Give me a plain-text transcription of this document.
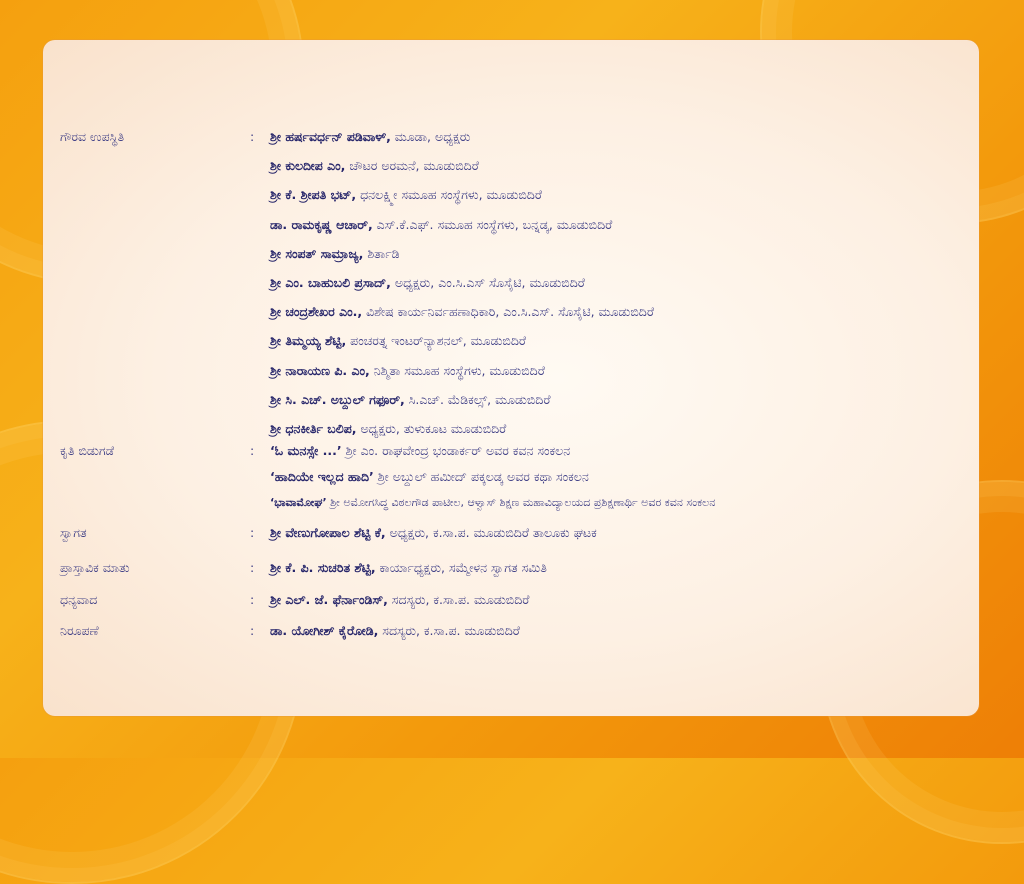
ಗೌರವ ಉಪಸ್ಥಿತಿ	: ಶ್ರೀ ಹರ್ಷವರ್ಧನ್ ಪಡಿವಾಳ್, ಮೂಡಾ, ಅಧ್ಯಕ್ಷರು
ಶ್ರೀ ಕುಲದೀಪ ಎಂ, ಚೌಟರ ಅರಮನೆ, ಮೂಡುಬಿದಿರೆ
ಶ್ರೀ ಕೆ. ಶ್ರೀಪತಿ ಭಟ್, ಧನಲಕ್ಷ್ಮೀ ಸಮೂಹ ಸಂಸ್ಥೆಗಳು, ಮೂಡುಬಿದಿರೆ
ಡಾ. ರಾಮಕೃಷ್ಣ ಆಚಾರ್, ಎಸ್.ಕೆ.ಎಫ್. ಸಮೂಹ ಸಂಸ್ಥೆಗಳು, ಬನ್ನಡ್ಕ, ಮೂಡುಬಿದಿರೆ
ಶ್ರೀ ಸಂಪತ್ ಸಾಮ್ರಾಜ್ಯ, ಶಿರ್ತಾಡಿ
ಶ್ರೀ ಎಂ. ಬಾಹುಬಲಿ ಪ್ರಸಾದ್, ಅಧ್ಯಕ್ಷರು, ಎಂ.ಸಿ.ಎಸ್ ಸೊಸೈಟಿ, ಮೂಡುಬಿದಿರೆ
ಶ್ರೀ ಚಂದ್ರಶೇಖರ ಎಂ., ವಿಶೇಷ ಕಾರ್ಯನಿರ್ವಹಣಾಧಿಕಾರಿ, ಎಂ.ಸಿ.ಎಸ್. ಸೊಸೈಟಿ, ಮೂಡುಬಿದಿರೆ
ಶ್ರೀ ತಿಮ್ಮಯ್ಯ ಶೆಟ್ಟಿ, ಪಂಚರತ್ನ ಇಂಟರ್‌ನ್ಯಾಶನಲ್, ಮೂಡುಬಿದಿರೆ
ಶ್ರೀ ನಾರಾಯಣ ಪಿ. ಎಂ, ನಿಶ್ಮಿತಾ ಸಮೂಹ ಸಂಸ್ಥೆಗಳು, ಮೂಡುಬಿದಿರೆ
ಶ್ರೀ ಸಿ. ಎಚ್. ಅಬ್ದುಲ್ ಗಫೂರ್, ಸಿ.ಎಚ್. ಮೆಡಿಕಲ್ಸ್, ಮೂಡುಬಿದಿರೆ
ಶ್ರೀ ಧನಕೀರ್ತಿ ಬಲಿಪ, ಅಧ್ಯಕ್ಷರು, ತುಳುಕೂಟ ಮೂಡುಬಿದಿರೆ
ಕೃತಿ ಬಿಡುಗಡೆ	: ‘ಓ ಮನಸ್ಸೇ ...’ ಶ್ರೀ ಎಂ. ರಾಘವೇಂದ್ರ ಭಂಡಾರ್ಕರ್ ಅವರ ಕವನ ಸಂಕಲನ
‘ಹಾದಿಯೇ ಇಲ್ಲದ ಹಾದಿ’ ಶ್ರೀ ಅಬ್ದುಲ್ ಹಮೀದ್ ಪಕ್ಕಲಡ್ಕ ಅವರ ಕಥಾ ಸಂಕಲನ
‘ಭಾವಾಮೋಘ’ ಶ್ರೀ ಅಮೋಗಸಿದ್ಧ ವಿಠಲಗೌಡ ಪಾಟೀಲ, ಆಳ್ವಾಸ್ ಶಿಕ್ಷಣ ಮಹಾವಿದ್ಯಾಲಯದ ಪ್ರಶಿಕ್ಷಣಾರ್ಥಿ ಅವರ ಕವನ ಸಂಕಲನ
ಸ್ವಾಗತ	: ಶ್ರೀ ವೇಣುಗೋಪಾಲ ಶೆಟ್ಟಿ ಕೆ, ಅಧ್ಯಕ್ಷರು, ಕ.ಸಾ.ಪ. ಮೂಡುಬಿದಿರೆ ತಾಲೂಕು ಘಟಕ
ಪ್ರಾಸ್ತಾವಿಕ ಮಾತು	: ಶ್ರೀ ಕೆ. ಪಿ. ಸುಚರಿತ ಶೆಟ್ಟಿ, ಕಾರ್ಯಾಧ್ಯಕ್ಷರು, ಸಮ್ಮೇಳನ ಸ್ವಾಗತ ಸಮಿತಿ
ಧನ್ಯವಾದ	: ಶ್ರೀ ಎಲ್. ಜೆ. ಫೆರ್ನಾಂಡಿಸ್, ಸದಸ್ಯರು, ಕ.ಸಾ.ಪ. ಮೂಡುಬಿದಿರೆ
ನಿರೂಪಣೆ	: ಡಾ. ಯೋಗೀಶ್ ಕೈರೋಡಿ, ಸದಸ್ಯರು, ಕ.ಸಾ.ಪ. ಮೂಡುಬಿದಿರೆ
